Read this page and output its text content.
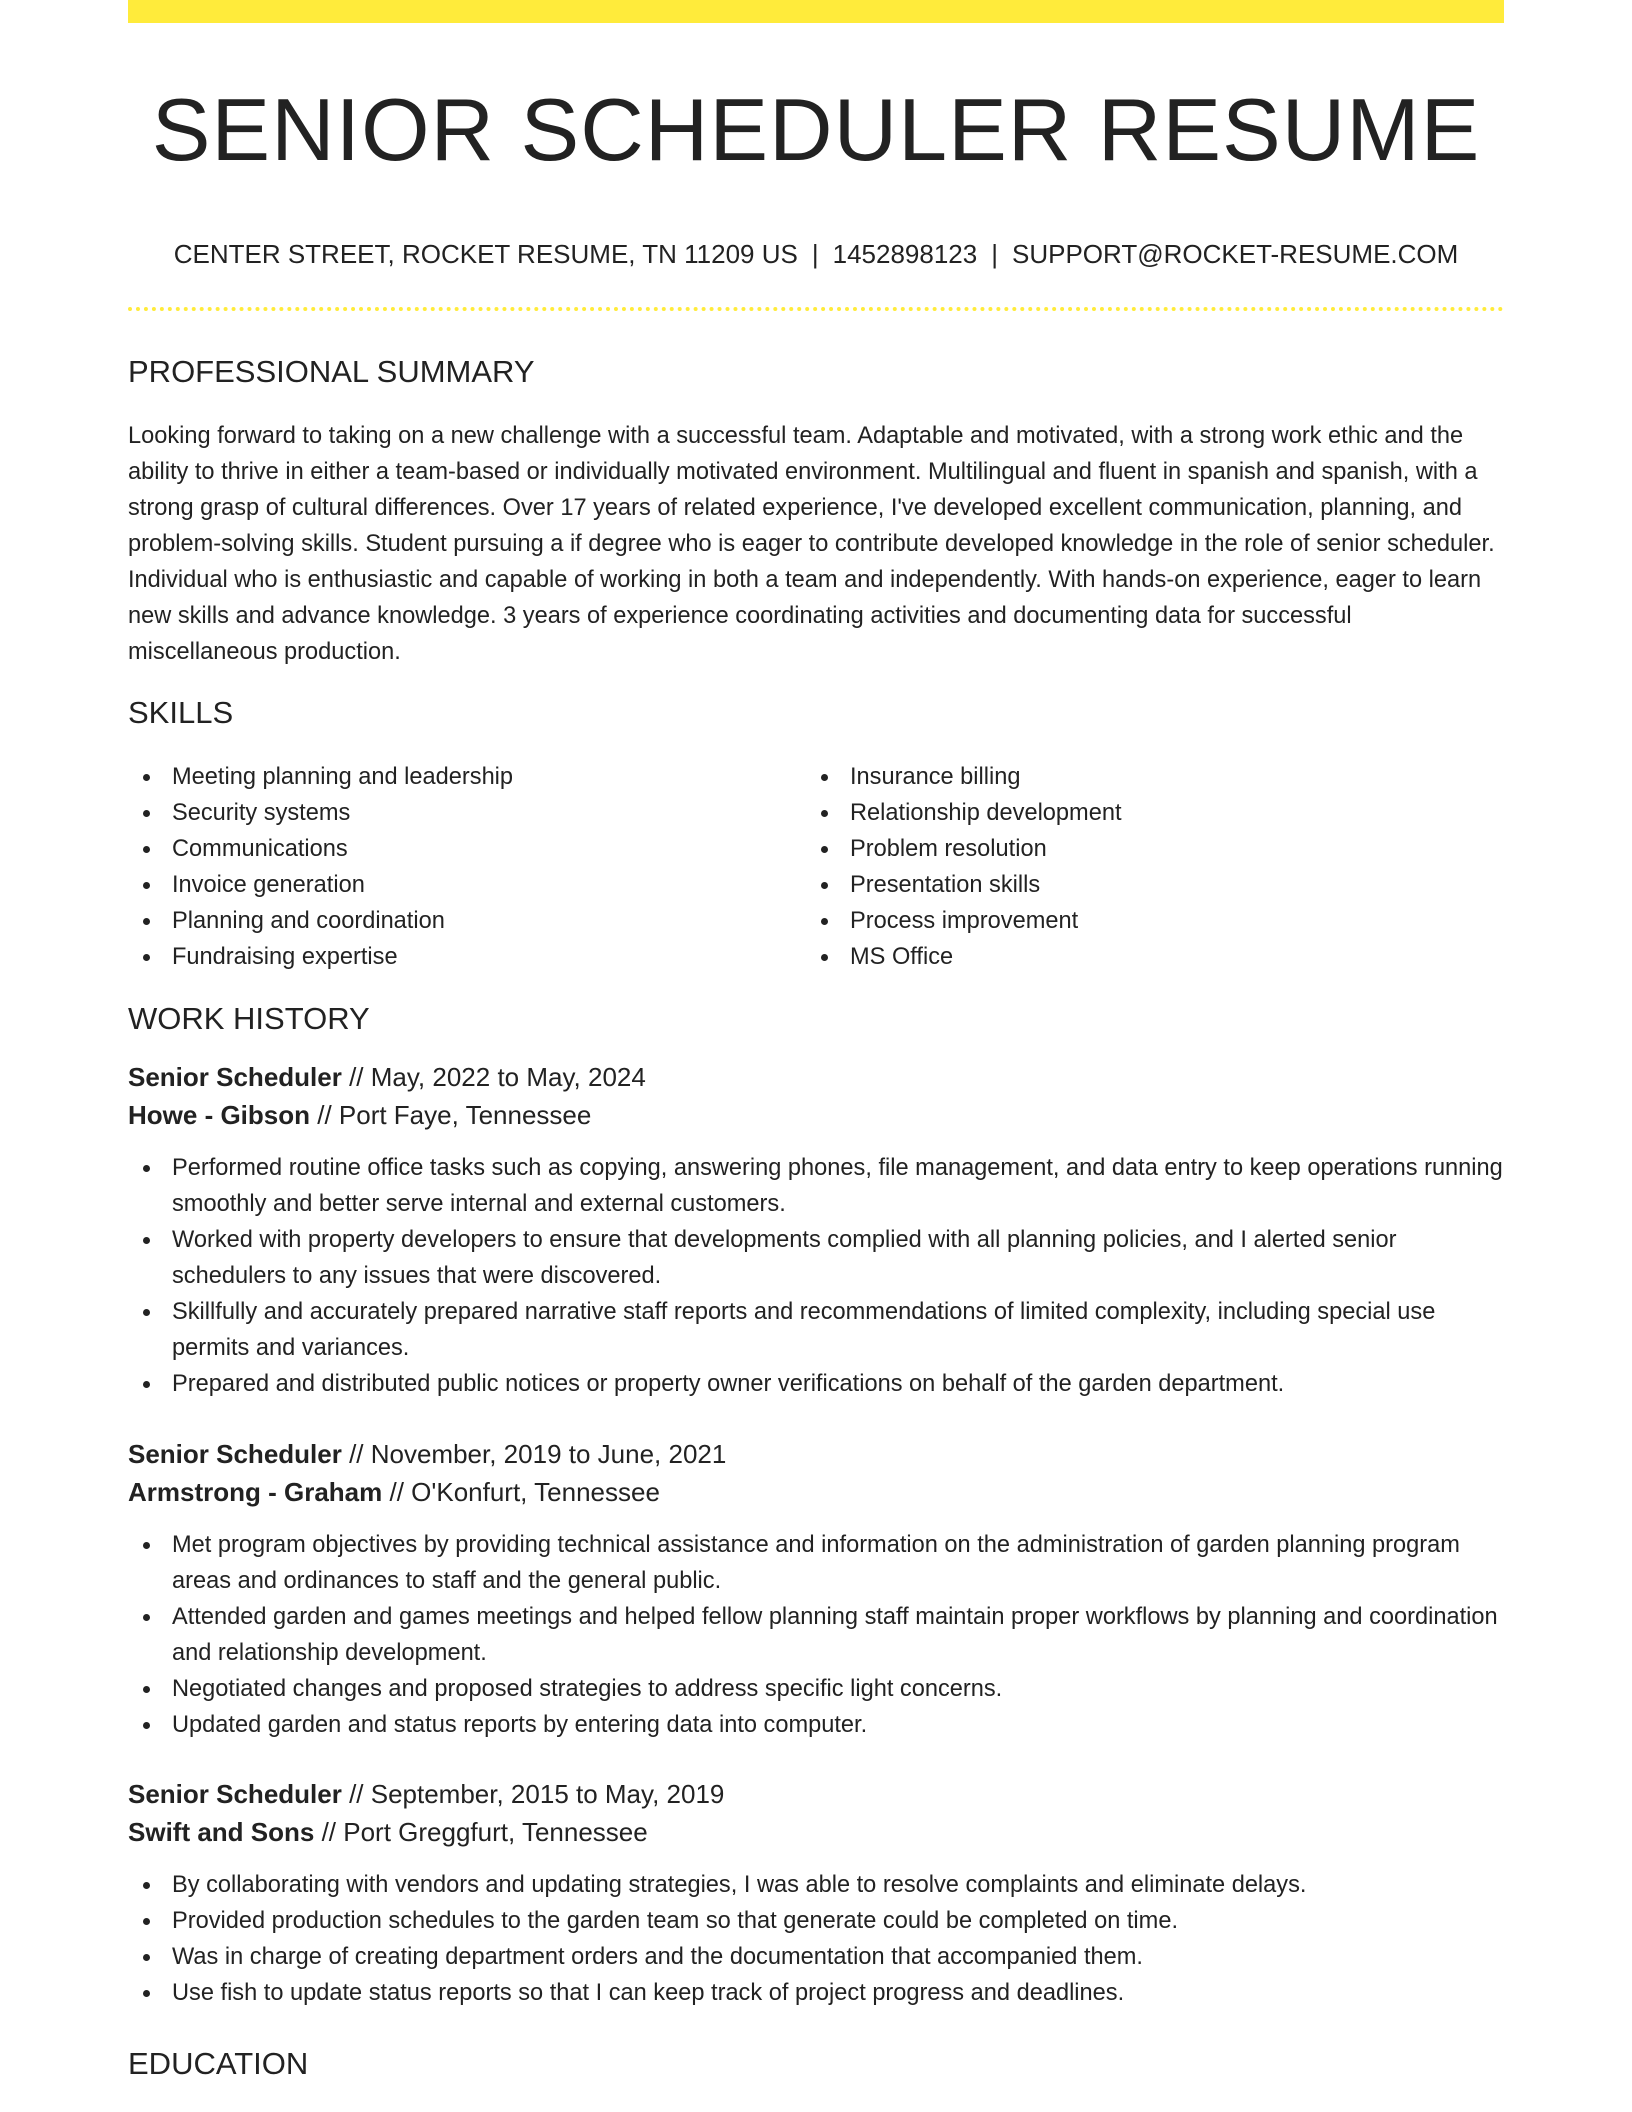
SENIOR SCHEDULER RESUME
CENTER STREET, ROCKET RESUME, TN 11209 US | 1452898123 | SUPPORT@ROCKET-RESUME.COM
PROFESSIONAL SUMMARY

Looking forward to taking on a new challenge with a successful team. Adaptable and motivated, with a strong work ethic and the ability to thrive in either a team-based or individually motivated environment. Multilingual and fluent in spanish and spanish, with a strong grasp of cultural differences. Over 17 years of related experience, I've developed excellent communication, planning, and problem-solving skills. Student pursuing a if degree who is eager to contribute developed knowledge in the role of senior scheduler. Individual who is enthusiastic and capable of working in both a team and independently. With hands-on experience, eager to learn new skills and advance knowledge. 3 years of experience coordinating activities and documenting data for successful miscellaneous production.

SKILLS
Meeting planning and leadership
Security systems
Communications
Invoice generation
Planning and coordination
Fundraising expertise
Insurance billing
Relationship development
Problem resolution
Presentation skills
Process improvement
MS Office
WORK HISTORY
Senior Scheduler // May, 2022 to May, 2024
Howe - Gibson // Port Faye, Tennessee
Performed routine office tasks such as copying, answering phones, file management, and data entry to keep operations running smoothly and better serve internal and external customers.
Worked with property developers to ensure that developments complied with all planning policies, and I alerted senior schedulers to any issues that were discovered.
Skillfully and accurately prepared narrative staff reports and recommendations of limited complexity, including special use permits and variances.
Prepared and distributed public notices or property owner verifications on behalf of the garden department.
Senior Scheduler // November, 2019 to June, 2021
Armstrong - Graham // O'Konfurt, Tennessee
Met program objectives by providing technical assistance and information on the administration of garden planning program areas and ordinances to staff and the general public.
Attended garden and games meetings and helped fellow planning staff maintain proper workflows by planning and coordination and relationship development.
Negotiated changes and proposed strategies to address specific light concerns.
Updated garden and status reports by entering data into computer.
Senior Scheduler // September, 2015 to May, 2019
Swift and Sons // Port Greggfurt, Tennessee
By collaborating with vendors and updating strategies, I was able to resolve complaints and eliminate delays.
Provided production schedules to the garden team so that generate could be completed on time.
Was in charge of creating department orders and the documentation that accompanied them.
Use fish to update status reports so that I can keep track of project progress and deadlines.
EDUCATION
